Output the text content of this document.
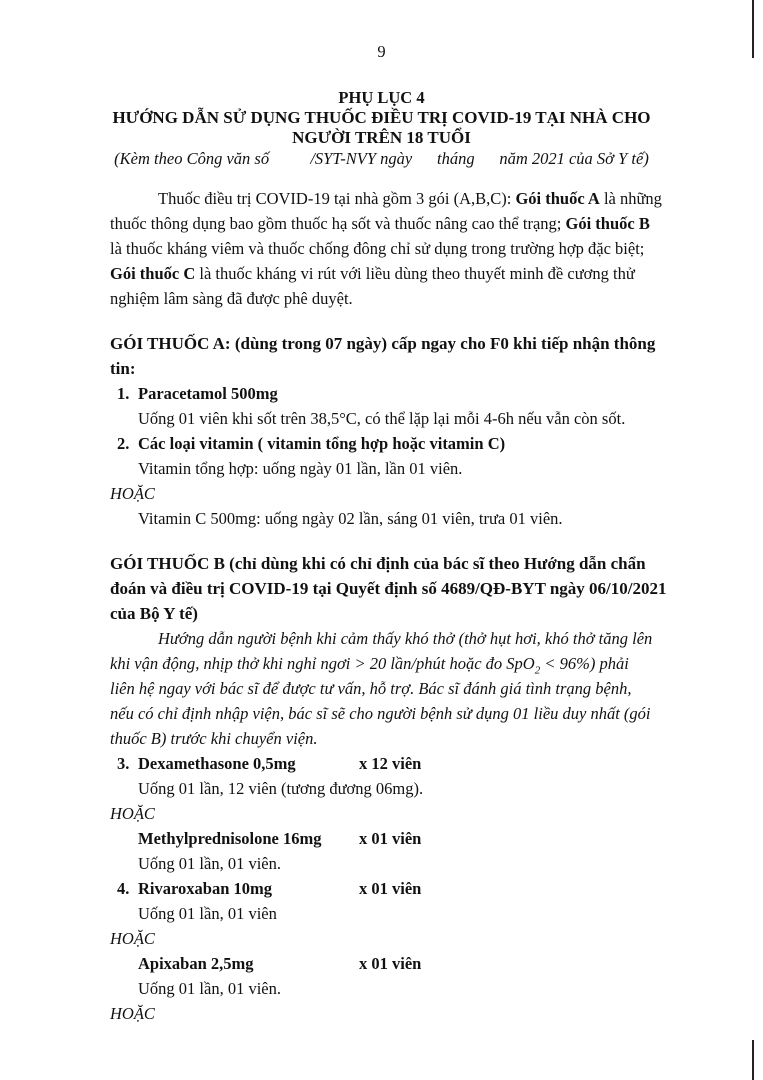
9
PHỤ LỤC 4
HƯỚNG DẪN SỬ DỤNG THUỐC ĐIỀU TRỊ COVID-19 TẠI NHÀ CHO
NGƯỜI TRÊN 18 TUỔI
(Kèm theo Công văn số          /SYT-NVY ngày      tháng      năm 2021 của Sở Y tế)
Thuốc điều trị COVID-19 tại nhà gồm 3 gói (A,B,C): Gói thuốc A là những
thuốc thông dụng bao gồm thuốc hạ sốt và thuốc nâng cao thể trạng; Gói thuốc B
là thuốc kháng viêm và thuốc chống đông chỉ sử dụng trong trường hợp đặc biệt;
Gói thuốc C là thuốc kháng vi rút với liều dùng theo thuyết minh đề cương thử
nghiệm lâm sàng đã được phê duyệt.
GÓI THUỐC A: (dùng trong 07 ngày) cấp ngay cho F0 khi tiếp nhận thông
tin:
1. Paracetamol 500mg
Uống 01 viên khi sốt trên 38,5°C, có thể lặp lại mỗi 4-6h nếu vẫn còn sốt.
2. Các loại vitamin ( vitamin tổng hợp hoặc vitamin C)
Vitamin tổng hợp: uống ngày 01 lần, lần 01 viên.
HOẶC
Vitamin C 500mg: uống ngày 02 lần, sáng 01 viên, trưa 01 viên.
GÓI THUỐC B (chỉ dùng khi có chỉ định của bác sĩ theo Hướng dẫn chẩn
đoán và điều trị COVID-19 tại Quyết định số 4689/QĐ-BYT ngày 06/10/2021
của Bộ Y tế)
Hướng dẫn người bệnh khi cảm thấy khó thở (thở hụt hơi, khó thở tăng lên
khi vận động, nhịp thở khi nghỉ ngơi > 20 lần/phút hoặc đo SpO$_2$ < 96%) phải
liên hệ ngay với bác sĩ để được tư vấn, hỗ trợ. Bác sĩ đánh giá tình trạng bệnh,
nếu có chỉ định nhập viện, bác sĩ sẽ cho người bệnh sử dụng 01 liều duy nhất (gói
thuốc B) trước khi chuyển viện.
3. Dexamethasone 0,5mg	x 12 viên
Uống 01 lần, 12 viên (tương đương 06mg).
HOẶC
Methylprednisolone 16mg x 01 viên
Uống 01 lần, 01 viên.
4. Rivaroxaban 10mg	x 01 viên
Uống 01 lần, 01 viên
HOẶC
Apixaban 2,5mg	x 01 viên
Uống 01 lần, 01 viên.
HOẶC
